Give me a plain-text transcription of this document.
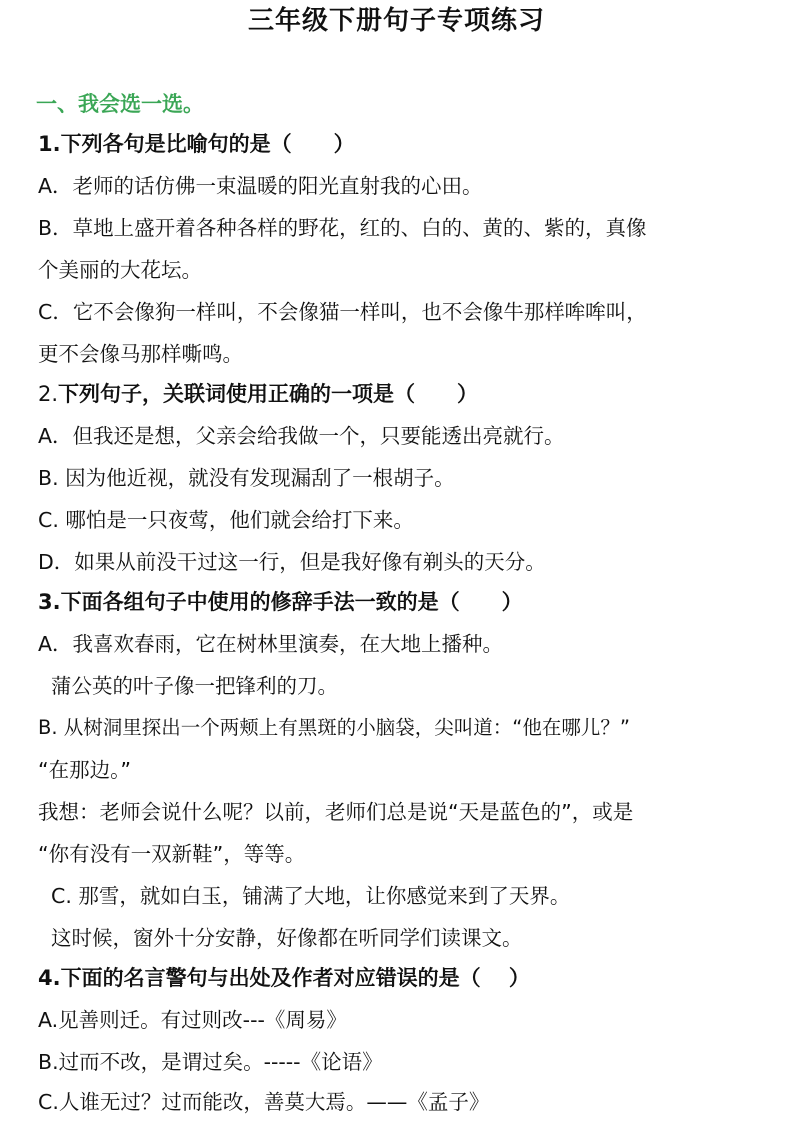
三年级下册句子专项练习
一、我会选一选。
1.下列各句是比喻句的是（　　）
A．老师的话仿佛一束温暖的阳光直射我的心田。
B．草地上盛开着各种各样的野花，红的、白的、黄的、紫的，真像
个美丽的大花坛。
C．它不会像狗一样叫，不会像猫一样叫，也不会像牛那样哞哞叫，
更不会像马那样嘶鸣。
2.下列句子，关联词使用正确的一项是（　　）
A．但我还是想，父亲会给我做一个，只要能透出亮就行。
B. 因为他近视，就没有发现漏刮了一根胡子。
C. 哪怕是一只夜莺，他们就会给打下来。
D．如果从前没干过这一行，但是我好像有剃头的天分。
3.下面各组句子中使用的修辞手法一致的是（　　）
A．我喜欢春雨，它在树林里演奏，在大地上播种。
蒲公英的叶子像一把锋利的刀。
B. 从树洞里探出一个两颊上有黑斑的小脑袋，尖叫道：“他在哪儿？”
“在那边。”
我想：老师会说什么呢？以前，老师们总是说“天是蓝色的”，或是
“你有没有一双新鞋”，等等。
C. 那雪，就如白玉，铺满了大地，让你感觉来到了天界。
这时候，窗外十分安静，好像都在听同学们读课文。
4.下面的名言警句与出处及作者对应错误的是（　 ）
A.见善则迁。有过则改---《周易》
B.过而不改，是谓过矣。-----《论语》
C.人谁无过？过而能改，善莫大焉。——《孟子》
